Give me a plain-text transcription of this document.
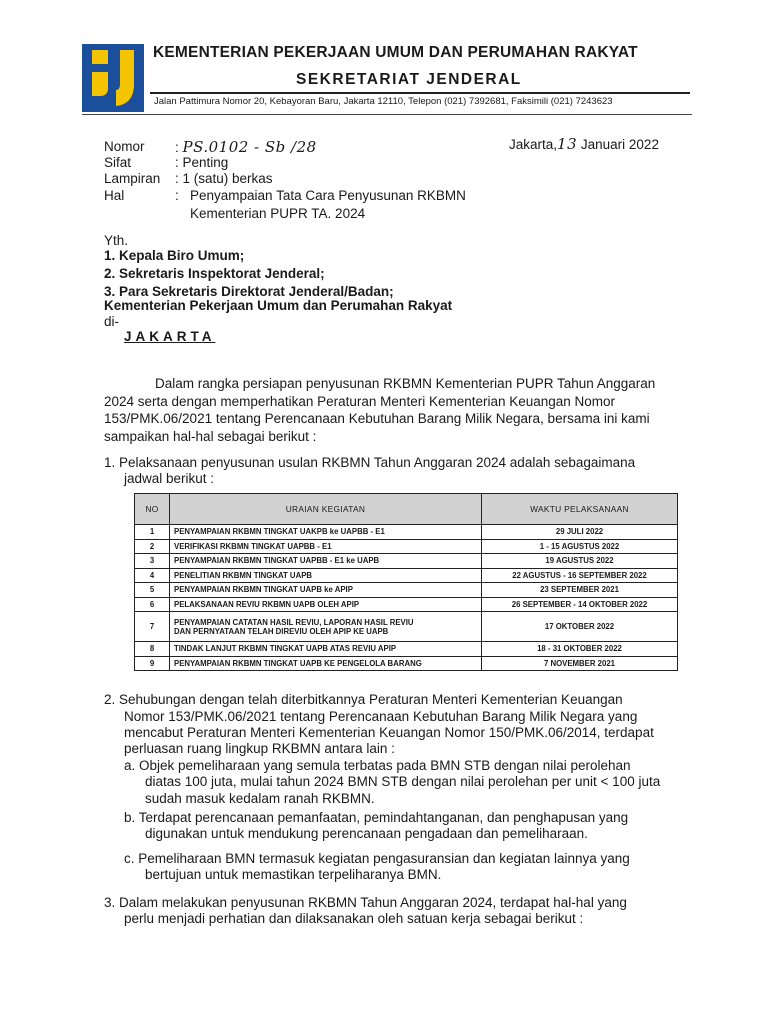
KEMENTERIAN PEKERJAAN UMUM DAN PERUMAHAN RAKYAT
SEKRETARIAT JENDERAL
Jalan Pattimura Nomor 20, Kebayoran Baru, Jakarta 12110, Telepon (021) 7392681, Faksimili (021) 7243623
Nomor : PS.0102 - Sb /28	Jakarta,13 Januari 2022
Sifat	: Penting
Lampiran : 1 (satu) berkas
Hal	: Penyampaian Tata Cara Penyusunan RKBMN
Kementerian PUPR TA. 2024
Yth.
1. Kepala Biro Umum;
2. Sekretaris Inspektorat Jenderal;
3. Para Sekretaris Direktorat Jenderal/Badan;
Kementerian Pekerjaan Umum dan Perumahan Rakyat
di-
JAKARTA
Dalam rangka persiapan penyusunan RKBMN Kementerian PUPR Tahun Anggaran
2024 serta dengan memperhatikan Peraturan Menteri Kementerian Keuangan Nomor
153/PMK.06/2021 tentang Perencanaan Kebutuhan Barang Milik Negara, bersama ini kami
sampaikan hal-hal sebagai berikut :
1. Pelaksanaan penyusunan usulan RKBMN Tahun Anggaran 2024 adalah sebagaimana
jadwal berikut :
NO	URAIAN KEGIATAN	WAKTU PELAKSANAAN
1	PENYAMPAIAN RKBMN TINGKAT UAKPB ke UAPBB - E1	29 JULI 2022
2	VERIFIKASI RKBMN TINGKAT UAPBB - E1	1 - 15 AGUSTUS 2022
3	PENYAMPAIAN RKBMN TINGKAT UAPBB - E1 ke UAPB	19 AGUSTUS 2022
4	PENELITIAN RKBMN TINGKAT UAPB	22 AGUSTUS - 16 SEPTEMBER 2022
5	PENYAMPAIAN RKBMN TINGKAT UAPB ke APIP	23 SEPTEMBER 2021
6	PELAKSANAAN REVIU RKBMN UAPB OLEH APIP	26 SEPTEMBER - 14 OKTOBER 2022
7	PENYAMPAIAN CATATAN HASIL REVIU, LAPORAN HASIL REVIU
DAN PERNYATAAN TELAH DIREVIU OLEH APIP KE UAPB	17 OKTOBER 2022
8	TINDAK LANJUT RKBMN TINGKAT UAPB ATAS REVIU APIP	18 - 31 OKTOBER 2022
9	PENYAMPAIAN RKBMN TINGKAT UAPB KE PENGELOLA BARANG	7 NOVEMBER 2021
2. Sehubungan dengan telah diterbitkannya Peraturan Menteri Kementerian Keuangan
Nomor 153/PMK.06/2021 tentang Perencanaan Kebutuhan Barang Milik Negara yang
mencabut Peraturan Menteri Kementerian Keuangan Nomor 150/PMK.06/2014, terdapat
perluasan ruang lingkup RKBMN antara lain :
a. Objek pemeliharaan yang semula terbatas pada BMN STB dengan nilai perolehan
diatas 100 juta, mulai tahun 2024 BMN STB dengan nilai perolehan per unit < 100 juta
sudah masuk kedalam ranah RKBMN.
b. Terdapat perencanaan pemanfaatan, pemindahtanganan, dan penghapusan yang
digunakan untuk mendukung perencanaan pengadaan dan pemeliharaan.
c. Pemeliharaan BMN termasuk kegiatan pengasuransian dan kegiatan lainnya yang
bertujuan untuk memastikan terpeliharanya BMN.
3. Dalam melakukan penyusunan RKBMN Tahun Anggaran 2024, terdapat hal-hal yang
perlu menjadi perhatian dan dilaksanakan oleh satuan kerja sebagai berikut :
